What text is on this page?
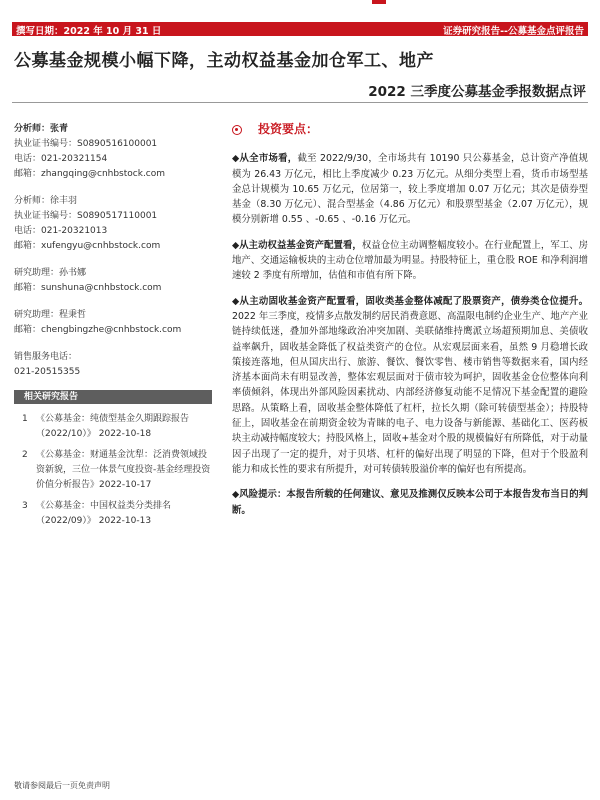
撰写日期：2022 年 10 月 31 日	证券研究报告--公募基金点评报告
公募基金规模小幅下降，主动权益基金加仓军工、地产
2022 三季度公募基金季报数据点评
分析师：张青
执业证书编号：S0890516100001
电话：021-20321154
邮箱：zhangqing@cnhbstock.com
分析师：徐丰羽
执业证书编号：S0890517110001
电话：021-20321013
邮箱：xufengyu@cnhbstock.com
研究助理：孙书娜
邮箱：sunshuna@cnhbstock.com
研究助理：程秉哲
邮箱：chengbingzhe@cnhbstock.com
销售服务电话：
021-20515355
相关研究报告
1 《公募基金：纯债型基金久期跟踪报告（2022/10）》 2022-10-18
2 《公募基金：财通基金沈犁：泛消费领域投资新貌，三位一体景气度投资-基金经理投资价值分析报告》2022-10-17
3 《公募基金：中国权益类分类排名（2022/09）》 2022-10-13
投资要点：
◆从全市场看，截至 2022/9/30，全市场共有 10190 只公募基金，总计资产净值规模为 26.43 万亿元，相比上季度减少 0.23 万亿元。从细分类型上看，货币市场型基金总计规模为 10.65 万亿元，位居第一，较上季度增加 0.07 万亿元；其次是债券型基金（8.30 万亿元）、混合型基金（4.86 万亿元）和股票型基金（2.07 万亿元），规模分别新增 0.55 、-0.65 、-0.16 万亿元。
◆从主动权益基金资产配置看，权益仓位主动调整幅度较小。在行业配置上，军工、房地产、交通运输板块的主动仓位增加最为明显。持股特征上，重仓股 ROE 和净利润增速较 2 季度有所增加，估值和市值有所下降。
◆从主动固收基金资产配置看，固收类基金整体减配了股票资产，债券类仓位提升。2022 年三季度，疫情多点散发制约居民消费意愿、高温限电制约企业生产、地产产业链持续低迷，叠加外部地缘政治冲突加剧、美联储维持鹰派立场超预期加息、美债收益率飙升，固收基金降低了权益类资产的仓位。从宏观层面来看，虽然 9 月稳增长政策接连落地，但从国庆出行、旅游、餐饮、餐饮零售、楼市销售等数据来看，国内经济基本面尚未有明显改善，整体宏观层面对于债市较为呵护，固收基金仓位整体向利率债倾斜，体现出外部风险因素扰动、内部经济修复动能不足情况下基金配置的避险思路。从策略上看，固收基金整体降低了杠杆，拉长久期（除可转债型基金）；持股特征上，固收基金在前期资金较为青睐的电子、电力设备与新能源、基础化工、医药板块主动减持幅度较大；持股风格上，固收+基金对个股的规模偏好有所降低，对于动量因子出现了一定的提升，对于贝塔、杠杆的偏好出现了明显的下降，但对于个股盈利能力和成长性的要求有所提升，对可转债转股溢价率的偏好也有所提高。
◆风险提示：本报告所载的任何建议、意见及推测仅反映本公司于本报告发布当日的判断。
敬请参阅最后一页免责声明
